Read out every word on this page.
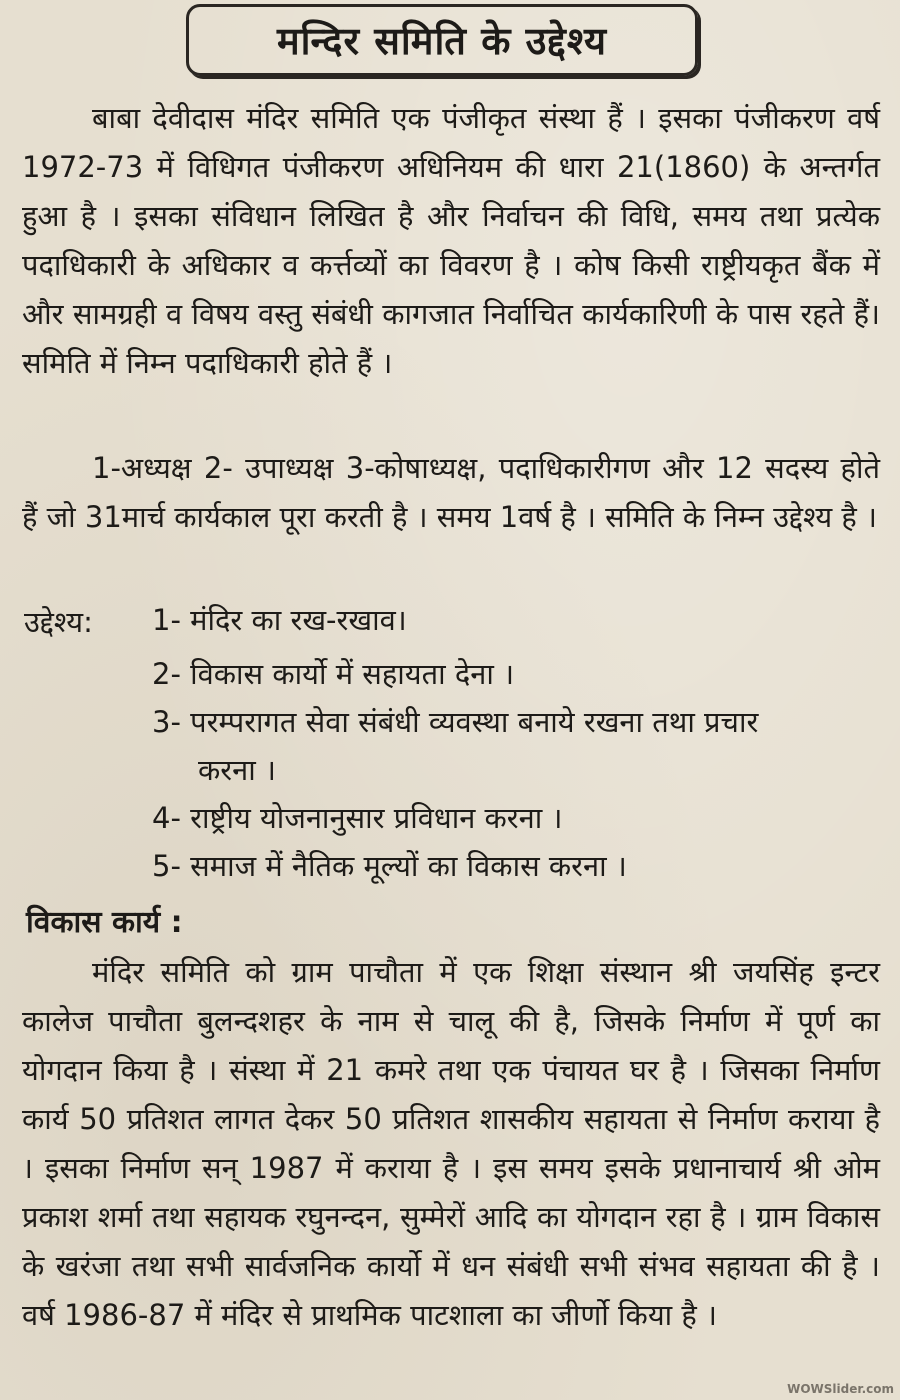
मन्दिर समिति के उद्देश्य
बाबा देवीदास मंदिर समिति एक पंजीकृत संस्था हैं । इसका पंजीकरण वर्ष 1972-73 में विधिगत पंजीकरण अधिनियम की धारा 21(1860) के अन्तर्गत हुआ है । इसका संविधान लिखित है और निर्वाचन की विधि, समय तथा प्रत्येक पदाधिकारी के अधिकार व कर्त्तव्यों का विवरण है । कोष किसी राष्ट्रीयकृत बैंक में और सामग्रही व विषय वस्तु संबंधी कागजात निर्वाचित कार्यकारिणी के पास रहते हैं। समिति में निम्न पदाधिकारी होते हैं ।
1-अध्यक्ष 2- उपाध्यक्ष 3-कोषाध्यक्ष, पदाधिकारीगण और 12 सदस्य होते हैं जो 31मार्च कार्यकाल पूरा करती है । समय 1वर्ष है । समिति के निम्न उद्देश्य है ।
उद्देश्य: 1- मंदिर का रख-रखाव।
2- विकास कार्यो में सहायता देना ।
3- परम्परागत सेवा संबंधी व्यवस्था बनाये रखना तथा प्रचार
करना ।
4- राष्ट्रीय योजनानुसार प्रविधान करना ।
5- समाज में नैतिक मूल्यों का विकास करना ।
विकास कार्य :
मंदिर समिति को ग्राम पाचौता में एक शिक्षा संस्थान श्री जयसिंह इन्टर कालेज पाचौता बुलन्दशहर के नाम से चालू की है, जिसके निर्माण में पूर्ण का योगदान किया है । संस्था में 21 कमरे तथा एक पंचायत घर है । जिसका निर्माण कार्य 50 प्रतिशत लागत देकर 50 प्रतिशत शासकीय सहायता से निर्माण कराया है । इसका निर्माण सन् 1987 में कराया है । इस समय इसके प्रधानाचार्य श्री ओम प्रकाश शर्मा तथा सहायक रघुनन्दन, सुम्मेरों आदि का योगदान रहा है । ग्राम विकास के खरंजा तथा सभी सार्वजनिक कार्यो में धन संबंधी सभी संभव सहायता की है । वर्ष 1986-87 में मंदिर से प्राथमिक पाटशाला का जीर्णो किया है ।
WOWSlider.com
